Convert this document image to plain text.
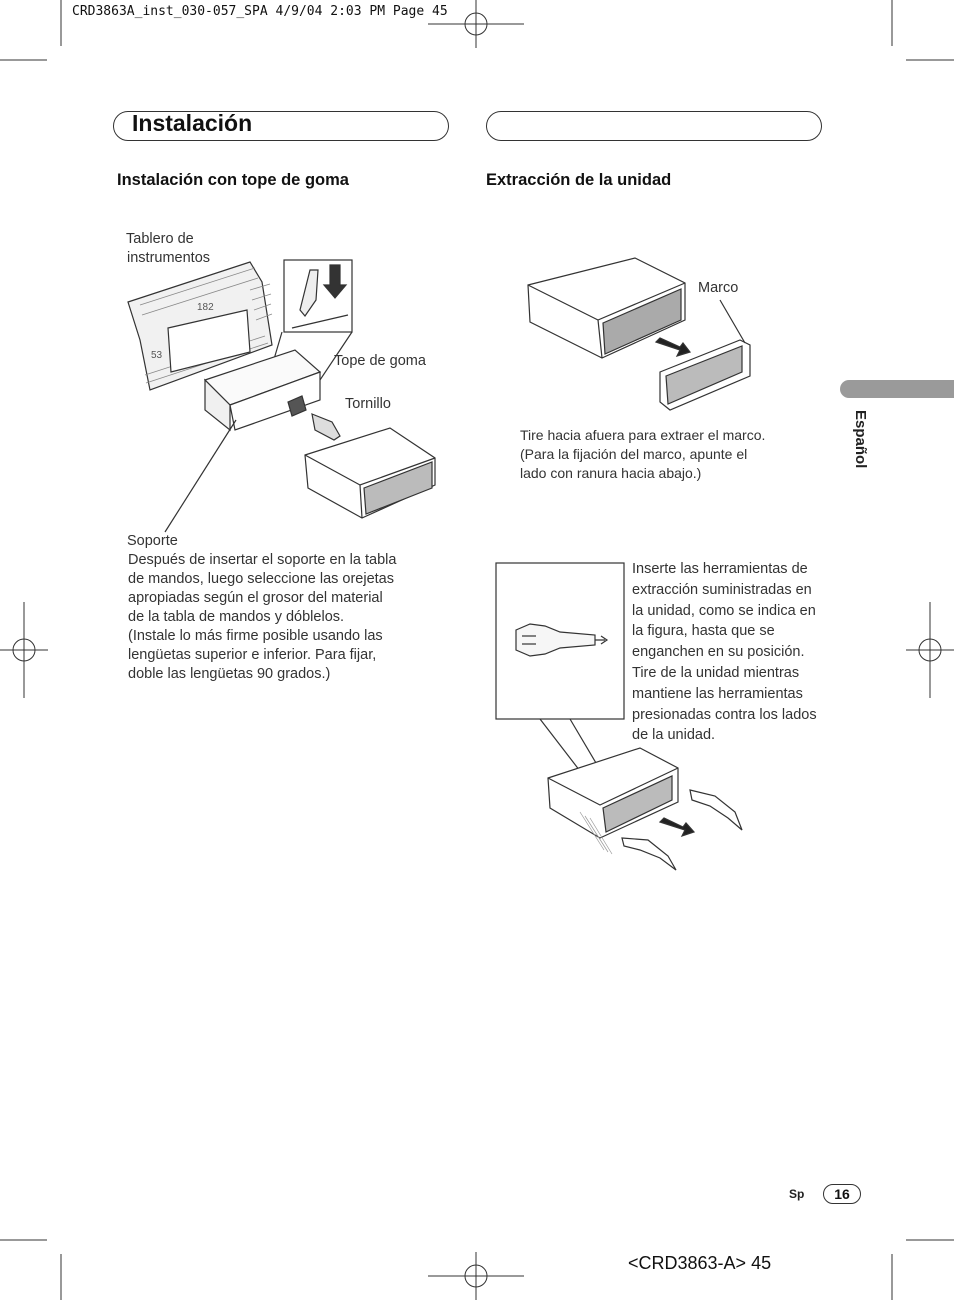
CRD3863A_inst_030-057_SPA 4/9/04 2:03 PM Page 45
Instalación
Instalación con tope de goma
Tablero de
instrumentos
182
53	Tope de goma
Tornillo
Soporte
Después de insertar el soporte en la tabla
de mandos, luego seleccione las orejetas
apropiadas según el grosor del material
de la tabla de mandos y dóblelos.
(Instale lo más firme posible usando las
lengüetas superior e inferior. Para fijar,
doble las lengüetas 90 grados.)
Extracción de la unidad
Marco
Tire hacia afuera para extraer el marco.
(Para la fijación del marco, apunte el
lado con ranura hacia abajo.)
Inserte las herramientas de
extracción suministradas en
la unidad, como se indica en
la figura, hasta que se
enganchen en su posición.
Tire de la unidad mientras
mantiene las herramientas
presionadas contra los lados
de la unidad.
Español
Sp	16
<CRD3863-A> 45
